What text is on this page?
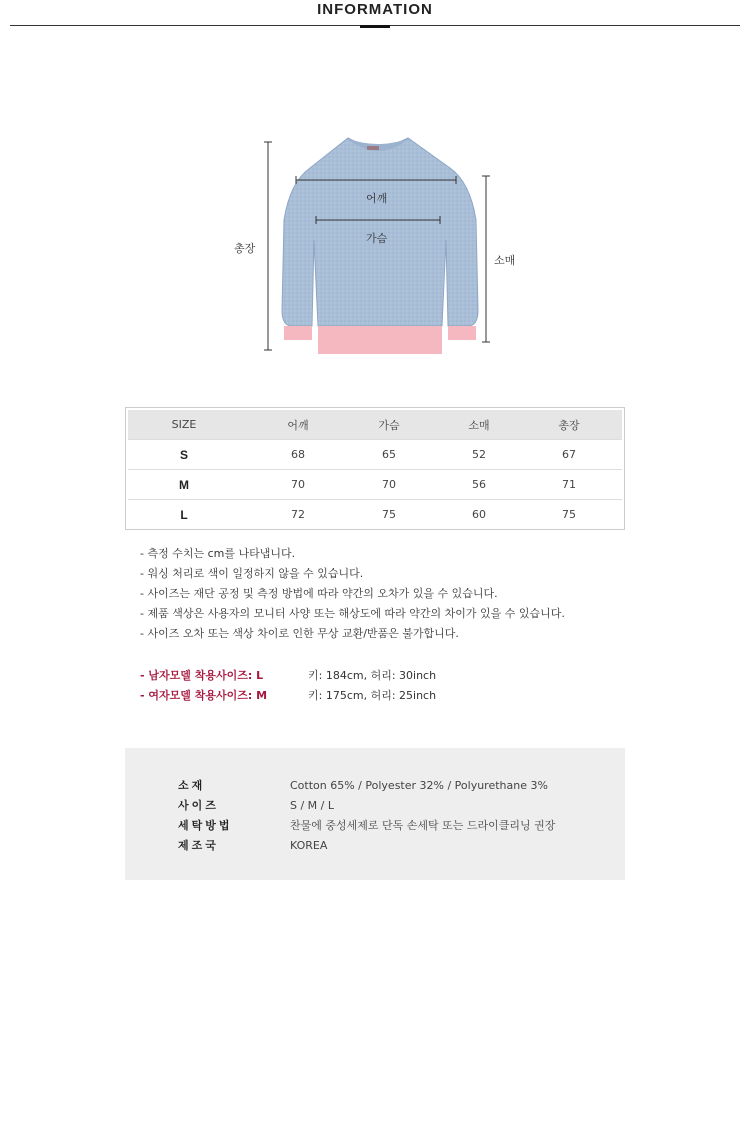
INFORMATION
어깨
가슴
총장
소매
SIZE	어깨	가슴	소매	총장
S	68	65	52	67
M	70	70	56	71
L	72	75	60	75
- 측정 수치는 cm를 나타냅니다.
- 워싱 처리로 색이 일정하지 않을 수 있습니다.
- 사이즈는 재단 공정 및 측정 방법에 따라 약간의 오차가 있을 수 있습니다.
- 제품 색상은 사용자의 모니터 사양 또는 해상도에 따라 약간의 차이가 있을 수 있습니다.
- 사이즈 오차 또는 색상 차이로 인한 무상 교환/반품은 불가합니다.
- 남자모델 착용사이즈: L	키: 184cm, 허리: 30inch
- 여자모델 착용사이즈: M	키: 175cm, 허리: 25inch
소재	Cotton 65% / Polyester 32% / Polyurethane 3%
사이즈	S / M / L
세탁방법	찬물에 중성세제로 단독 손세탁 또는 드라이클리닝 권장
제조국	KOREA
